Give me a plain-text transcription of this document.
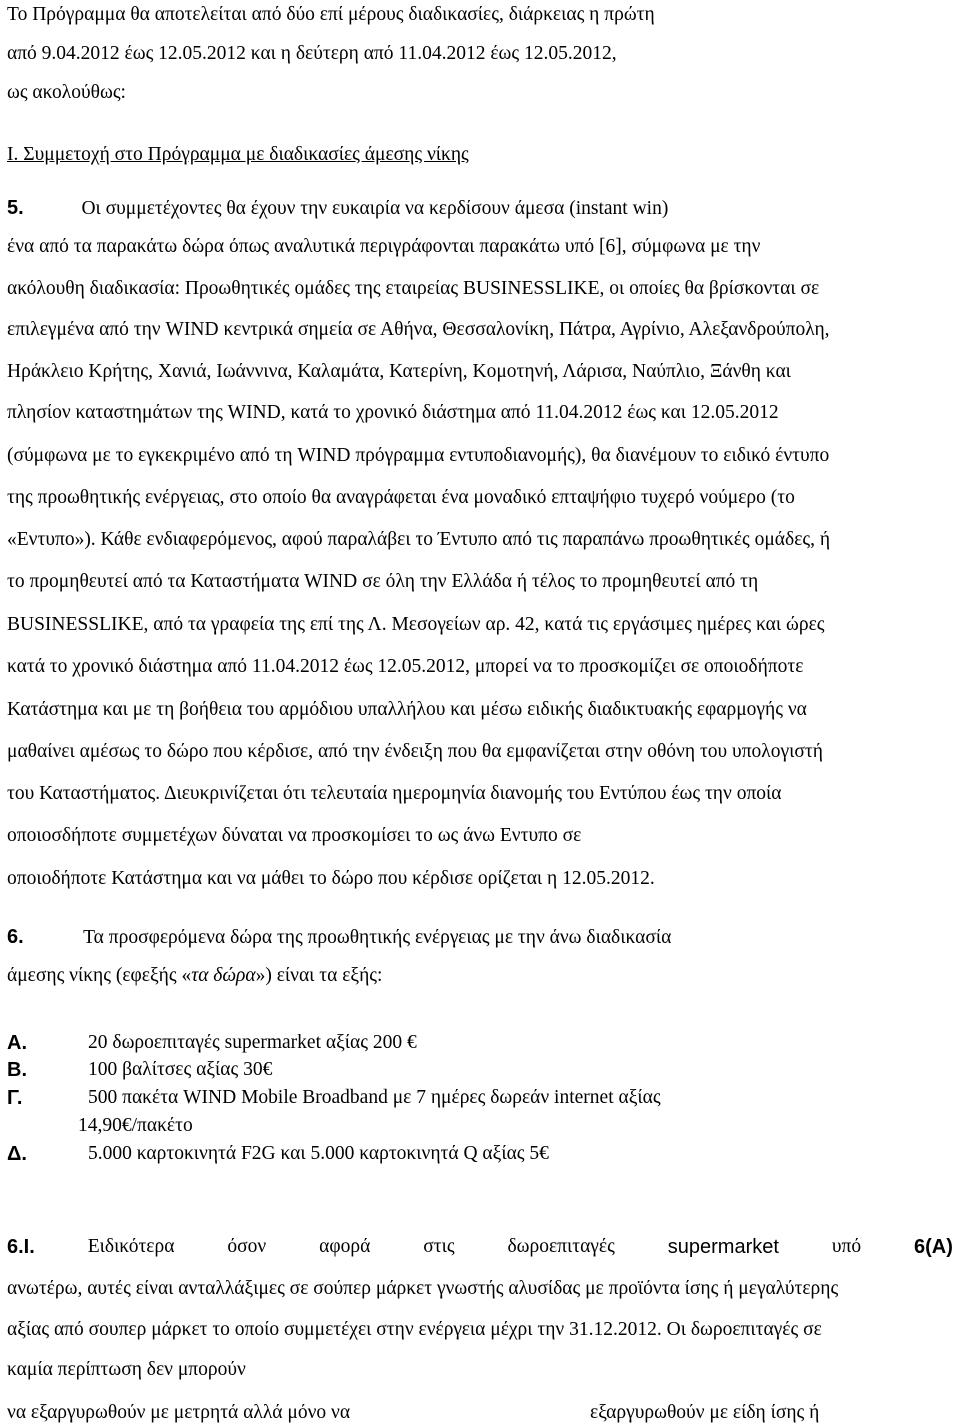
Το Πρόγραμμα θα αποτελείται από δύο επί μέρους διαδικασίες, διάρκειας η πρώτη
από 9.04.2012 έως 12.05.2012 και η δεύτερη από 11.04.2012 έως 12.05.2012,
ως ακολούθως:
Ι. Συμμετοχή στο Πρόγραμμα με διαδικασίες άμεσης νίκης
5.	Οι συμμετέχοντες θα έχουν την ευκαιρία να κερδίσουν άμεσα (instant win)
ένα από τα παρακάτω δώρα όπως αναλυτικά περιγράφονται παρακάτω υπό [6], σύμφωνα με την
ακόλουθη διαδικασία: Προωθητικές ομάδες της εταιρείας BUSINESSLIKE, οι οποίες θα βρίσκονται σε
επιλεγμένα από την WIND κεντρικά σημεία σε Αθήνα, Θεσσαλονίκη, Πάτρα, Αγρίνιο, Αλεξανδρούπολη,
Ηράκλειο Κρήτης, Χανιά, Ιωάννινα, Καλαμάτα, Κατερίνη, Κομοτηνή, Λάρισα, Ναύπλιο, Ξάνθη και
πλησίον καταστημάτων της WIND, κατά το χρονικό διάστημα από 11.04.2012 έως και 12.05.2012
(σύμφωνα με το εγκεκριμένο από τη WIND πρόγραμμα εντυποδιανομής), θα διανέμουν το ειδικό έντυπο
της προωθητικής ενέργειας, στο οποίο θα αναγράφεται ένα μοναδικό επταψήφιο τυχερό νούμερο (το
«Εντυπο»). Κάθε ενδιαφερόμενος, αφού παραλάβει το Έντυπο από τις παραπάνω προωθητικές ομάδες, ή
το προμηθευτεί από τα Καταστήματα WIND σε όλη την Ελλάδα ή τέλος το προμηθευτεί από τη
BUSINESSLIKE, από τα γραφεία της επί της Λ. Μεσογείων αρ. 42, κατά τις εργάσιμες ημέρες και ώρες
κατά το χρονικό διάστημα από 11.04.2012 έως 12.05.2012, μπορεί να το προσκομίζει σε οποιοδήποτε
Κατάστημα και με τη βοήθεια του αρμόδιου υπαλλήλου και μέσω ειδικής διαδικτυακής εφαρμογής να
μαθαίνει αμέσως το δώρο που κέρδισε, από την ένδειξη που θα εμφανίζεται στην οθόνη του υπολογιστή
του Καταστήματος. Διευκρινίζεται ότι τελευταία ημερομηνία διανομής του Εντύπου έως την οποία
οποιοσδήποτε συμμετέχων δύναται να προσκομίσει το ως άνω Εντυπο σε
οποιοδήποτε Κατάστημα και να μάθει το δώρο που κέρδισε ορίζεται η 12.05.2012.
6.	Τα προσφερόμενα δώρα της προωθητικής ενέργειας με την άνω διαδικασία
άμεσης νίκης (εφεξής «τα δώρα») είναι τα εξής:
Α.	20 δωροεπιταγές supermarket αξίας 200 €
Β.	100 βαλίτσες αξίας 30€
Γ.	500 πακέτα WIND Mobile Broadband με 7 ημέρες δωρεάν internet αξίας
14,90€/πακέτο
Δ.	5.000 καρτοκινητά F2G και 5.000 καρτοκινητά Q αξίας 5€
6.Ι.	Ειδικότερα	όσον	αφορά	στις	δωροεπιταγές	supermarket	υπό	6(Α)
ανωτέρω, αυτές είναι ανταλλάξιμες σε σούπερ μάρκετ γνωστής αλυσίδας με προϊόντα ίσης ή μεγαλύτερης
αξίας από σουπερ μάρκετ το οποίο συμμετέχει στην ενέργεια μέχρι την 31.12.2012. Οι δωροεπιταγές σε
καμία περίπτωση δεν μπορούν
να εξαργυρωθούν με μετρητά αλλά μόνο να	εξαργυρωθούν με είδη ίσης ή
